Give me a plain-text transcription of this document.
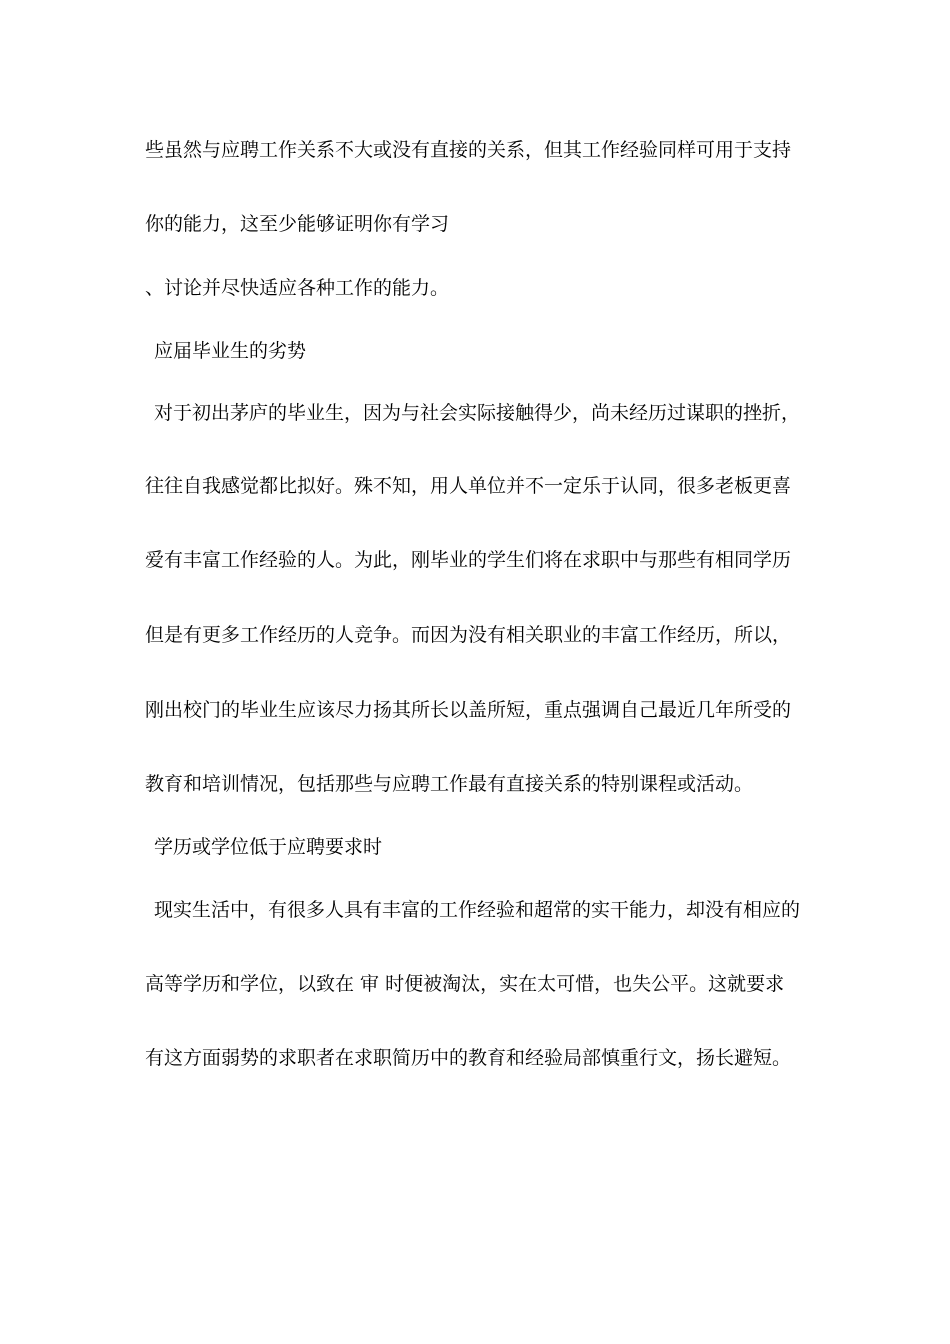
些虽然与应聘工作关系不大或没有直接的关系，但其工作经验同样可用于支持
你的能力，这至少能够证明你有学习
、讨论并尽快适应各种工作的能力。
应届毕业生的劣势
对于初出茅庐的毕业生，因为与社会实际接触得少，尚未经历过谋职的挫折，
往往自我感觉都比拟好。殊不知，用人单位并不一定乐于认同，很多老板更喜
爱有丰富工作经验的人。为此，刚毕业的学生们将在求职中与那些有相同学历
但是有更多工作经历的人竞争。而因为没有相关职业的丰富工作经历，所以，
刚出校门的毕业生应该尽力扬其所长以盖所短，重点强调自己最近几年所受的
教育和培训情况，包括那些与应聘工作最有直接关系的特别课程或活动。
学历或学位低于应聘要求时
现实生活中，有很多人具有丰富的工作经验和超常的实干能力，却没有相应的
高等学历和学位，以致在 审 时便被淘汰，实在太可惜，也失公平。这就要求
有这方面弱势的求职者在求职简历中的教育和经验局部慎重行文，扬长避短。
